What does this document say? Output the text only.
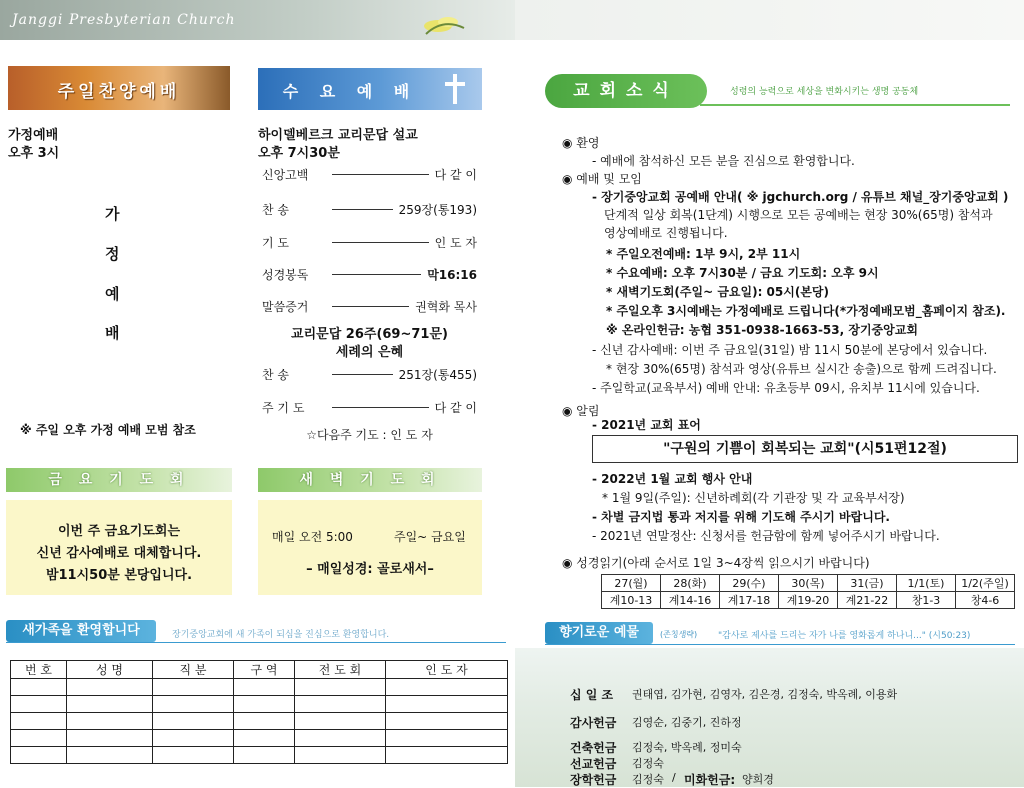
Janggi Presbyterian Church
주일찬양예배
가정예배
오후 3시
가
정
예
배
※ 주일 오후 가정 예배 모범 참조
수 요 예 배
하이델베르크 교리문답 설교
오후 7시30분
신앙고백	다 같 이
찬 송	259장(통193)
기 도	인 도 자
성경봉독	막16:16
말씀증거	권혁화 목사
교리문답 26주(69~71문)
세례의 은혜
찬 송	251장(통455)
주 기 도	다 같 이
☆다음주 기도 : 인 도 자
금 요 기 도 회
이번 주 금요기도회는
신년 감사예배로 대체합니다.
밤11시50분 본당입니다.
새 벽 기 도 회
매일 오전 5:00	주일~ 금요일
– 매일성경: 골로새서–
새가족을 환영합니다	장기중앙교회에 새 가족이 되심을 진심으로 환영합니다.
번 호	성 명	직 분	구 역	전 도 회	인 도 자

교회소식	성령의 능력으로 세상을 변화시키는 생명 공동체
◉ 환영
- 예배에 참석하신 모든 분을 진심으로 환영합니다.
◉ 예배 및 모임
- 장기중앙교회 공예배 안내( ※ jgchurch.org / 유튜브 채널_장기중앙교회 )
단계적 일상 회복(1단계) 시행으로 모든 공예배는 현장 30%(65명) 참석과
영상예배로 진행됩니다.
* 주일오전예배: 1부 9시, 2부 11시
* 수요예배: 오후 7시30분 / 금요 기도회: 오후 9시
* 새벽기도회(주일~ 금요일): 05시(본당)
* 주일오후 3시예배는 가정예배로 드립니다(*가정예배모범_홈페이지 참조).
※ 온라인헌금: 농협 351-0938-1663-53, 장기중앙교회
- 신년 감사예배: 이번 주 금요일(31일) 밤 11시 50분에 본당에서 있습니다.
* 현장 30%(65명) 참석과 영상(유튜브 실시간 송출)으로 함께 드려집니다.
- 주일학교(교육부서) 예배 안내: 유초등부 09시, 유치부 11시에 있습니다.
◉ 알림
- 2021년 교회 표어
"구원의 기쁨이 회복되는 교회"(시51편12절)
- 2022년 1월 교회 행사 안내
* 1월 9일(주일): 신년하례회(각 기관장 및 각 교육부서장)
- 차별 금지법 통과 저지를 위해 기도해 주시기 바랍니다.
- 2021년 연말정산: 신청서를 헌금함에 함께 넣어주시기 바랍니다.
◉ 성경읽기(아래 순서로 1일 3~4장씩 읽으시기 바랍니다)
27(월)	28(화)	29(수)	30(목)	31(금)	1/1(토)	1/2(주일)
계10-13	계14-16	계17-18	계19-20	계21-22	창1-3	창4-6
향기로운 예물	(존칭생략) "감사로 제사를 드리는 자가 나를 영화롭게 하나니..." (시50:23)
십 일 조 권태엽, 김가현, 김영자, 김은경, 김정숙, 박옥례, 이용화
감사헌금 김영순, 김중기, 진하정
건축헌금 김정숙, 박옥례, 정미숙
선교헌금 김정숙
장학헌금 김정숙 / 미화헌금: 양희경
